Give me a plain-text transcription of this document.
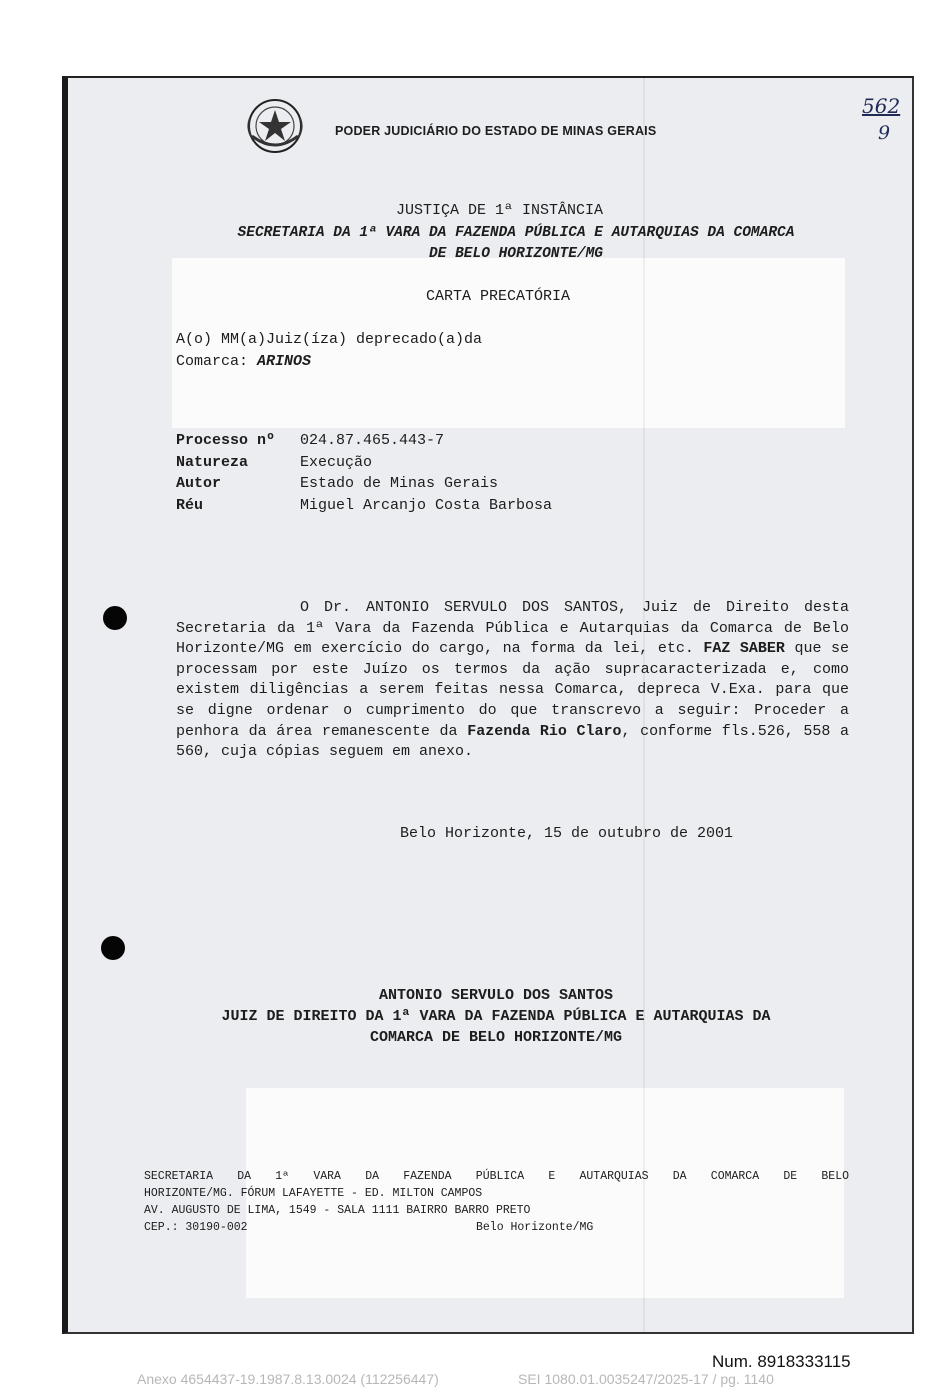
PODER JUDICIÁRIO DO ESTADO DE MINAS GERAIS
562
9
JUSTIÇA DE 1ª INSTÂNCIA
SECRETARIA DA 1ª VARA DA FAZENDA PÚBLICA E AUTARQUIAS DA COMARCA
DE BELO HORIZONTE/MG
CARTA PRECATÓRIA
A(o) MM(a)Juiz(íza) deprecado(a)da
Comarca: ARINOS
Processo nº 024.87.465.443-7
Natureza	Execução
Autor	Estado de Minas Gerais
Réu	Miguel Arcanjo Costa Barbosa
O Dr. ANTONIO SERVULO DOS SANTOS, Juiz de Direito desta Secretaria da 1ª Vara da Fazenda Pública e Autarquias da Comarca de Belo Horizonte/MG em exercício do cargo, na forma da lei, etc. FAZ SABER que se processam por este Juízo os termos da ação supracaracterizada e, como existem diligências a serem feitas nessa Comarca, depreca V.Exa. para que se digne ordenar o cumprimento do que transcrevo a seguir: Proceder a penhora da área remanescente da Fazenda Rio Claro, conforme fls.526, 558 a 560, cuja cópias seguem em anexo.
Belo Horizonte, 15 de outubro de 2001
ANTONIO SERVULO DOS SANTOS
JUIZ DE DIREITO DA 1ª VARA DA FAZENDA PÚBLICA E AUTARQUIAS DA
COMARCA DE BELO HORIZONTE/MG
SECRETARIA DA 1ª VARA DA FAZENDA PÚBLICA E AUTARQUIAS DA COMARCA DE BELO
HORIZONTE/MG. FÓRUM LAFAYETTE - ED. MILTON CAMPOS
AV. AUGUSTO DE LIMA, 1549 - SALA 1111 BAIRRO BARRO PRETO
CEP.: 30190-002	Belo Horizonte/MG
Num. 8918333115
Anexo 4654437-19.1987.8.13.0024 (112256447)	SEI 1080.01.0035247/2025-17 / pg. 1140
